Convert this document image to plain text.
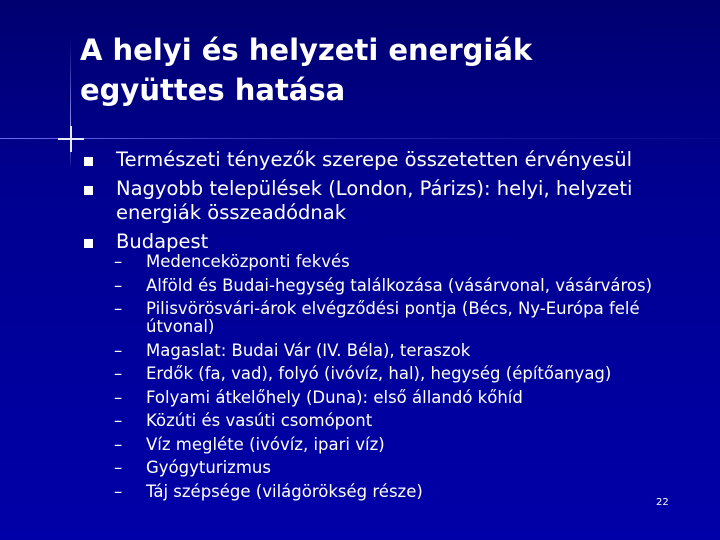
A helyi és helyzeti energiák
együttes hatása
Természeti tényezők szerepe összetetten érvényesül
Nagyobb települések (London, Párizs): helyi, helyzeti energiák összeadódnak
Budapest
– Medenceközponti fekvés
– Alföld és Budai-hegység találkozása (vásárvonal, vásárváros)
– Pilisvörösvári-árok elvégződési pontja (Bécs, Ny-Európa felé útvonal)
– Magaslat: Budai Vár (IV. Béla), teraszok
– Erdők (fa, vad), folyó (ivóvíz, hal), hegység (építőanyag)
– Folyami átkelőhely (Duna): első állandó kőhíd
– Közúti és vasúti csomópont
– Víz megléte (ivóvíz, ipari víz)
– Gyógyturizmus
– Táj szépsége (világörökség része)
22
